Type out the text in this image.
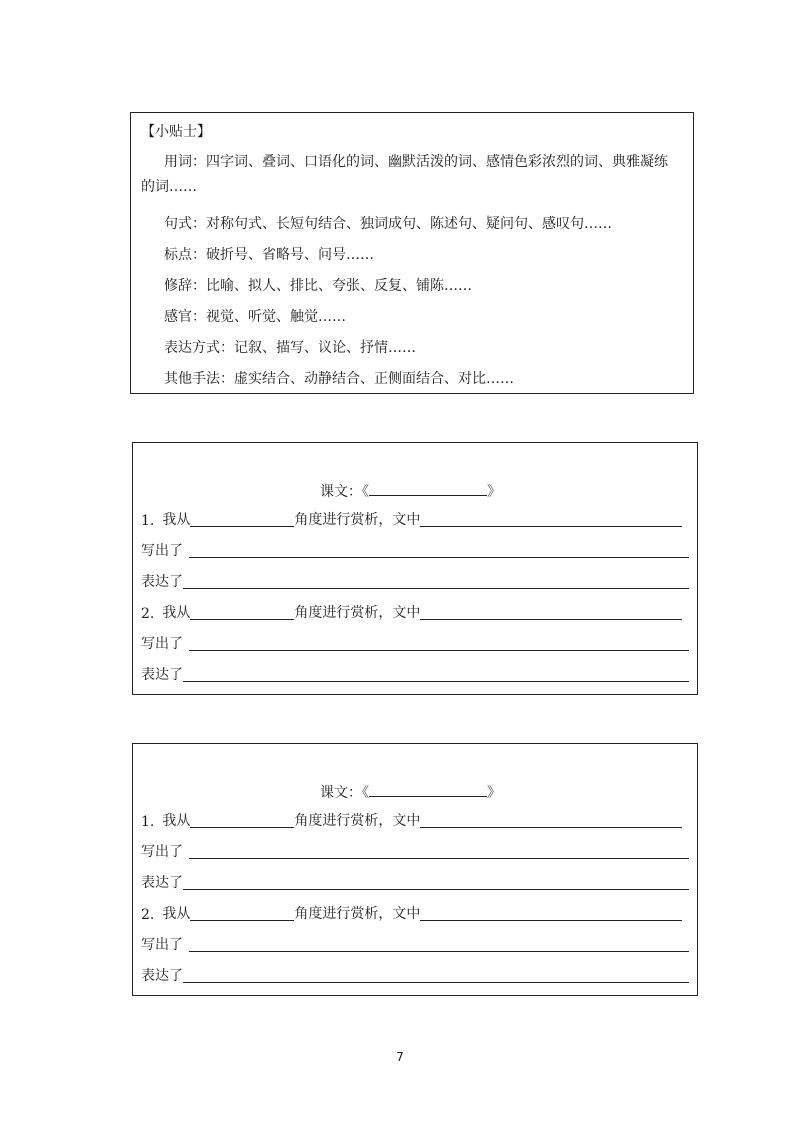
【小贴士】
用词：四字词、叠词、口语化的词、幽默活泼的词、感情色彩浓烈的词、典雅凝练的词……
句式：对称句式、长短句结合、独词成句、陈述句、疑问句、感叹句……
标点：破折号、省略号、问号……
修辞：比喻、拟人、排比、夸张、反复、铺陈……
感官：视觉、听觉、触觉……
表达方式：记叙、描写、议论、抒情……
其他手法：虚实结合、动静结合、正侧面结合、对比……
课文：《	》
1. 我从	角度进行赏析，文中
写出了
表达了
2. 我从	角度进行赏析，文中
写出了
表达了
课文：《	》
1. 我从	角度进行赏析，文中
写出了
表达了
2. 我从	角度进行赏析，文中
写出了
表达了
7
